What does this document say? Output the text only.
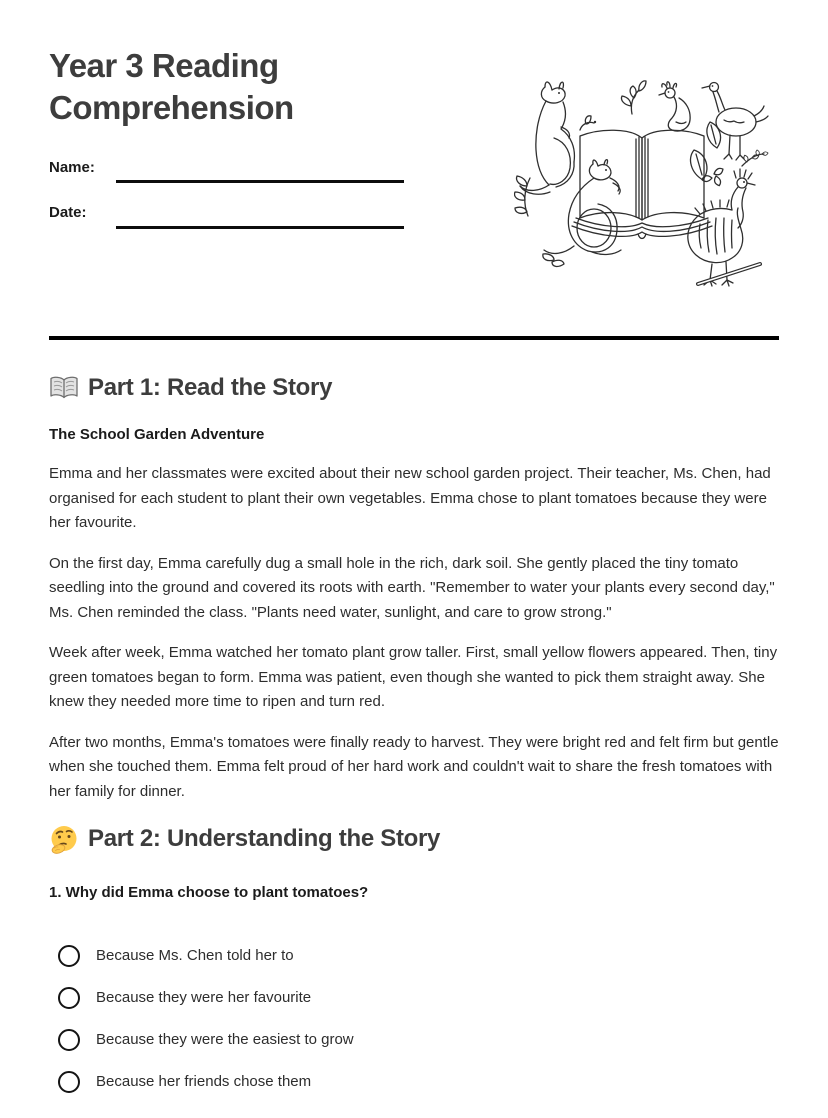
Year 3 Reading Comprehension
Name:
Date:
Part 1: Read the Story
The School Garden Adventure

Emma and her classmates were excited about their new school garden project. Their teacher, Ms. Chen, had organised for each student to plant their own vegetables. Emma chose to plant tomatoes because they were her favourite.

On the first day, Emma carefully dug a small hole in the rich, dark soil. She gently placed the tiny tomato seedling into the ground and covered its roots with earth. "Remember to water your plants every second day," Ms. Chen reminded the class. "Plants need water, sunlight, and care to grow strong."

Week after week, Emma watched her tomato plant grow taller. First, small yellow flowers appeared. Then, tiny green tomatoes began to form. Emma was patient, even though she wanted to pick them straight away. She knew they needed more time to ripen and turn red.

After two months, Emma's tomatoes were finally ready to harvest. They were bright red and felt firm but gentle when she touched them. Emma felt proud of her hard work and couldn't wait to share the fresh tomatoes with her family for dinner.

Part 2: Understanding the Story
1. Why did Emma choose to plant tomatoes?
Because Ms. Chen told her to
Because they were her favourite
Because they were the easiest to grow
Because her friends chose them
